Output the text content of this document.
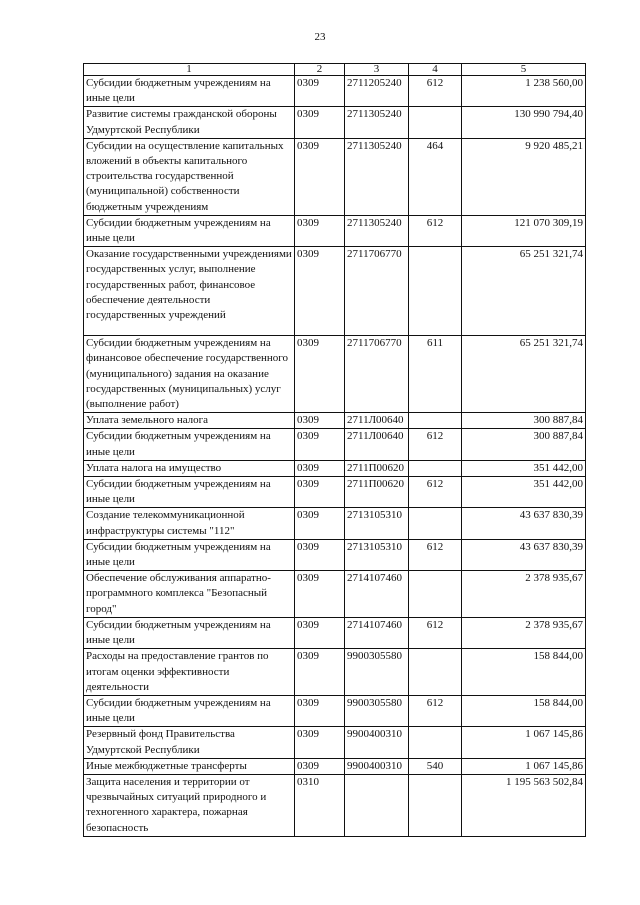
23
1	2	3	4	5
Субсидии бюджетным учреждениям на иные цели	0309	2711205240	612	1 238 560,00
Развитие системы гражданской обороны Удмуртской Республики	0309	2711305240		130 990 794,40
Субсидии на осуществление капитальных вложений в объекты капитального строительства государственной (муниципальной) собственности бюджетным учреждениям	0309	2711305240	464	9 920 485,21
Субсидии бюджетным учреждениям на иные цели	0309	2711305240	612	121 070 309,19
Оказание государственными учреждениями государственных услуг, выполнение государственных работ, финансовое обеспечение деятельности государственных учреждений	0309	2711706770		65 251 321,74
Субсидии бюджетным учреждениям на финансовое обеспечение государственного (муниципального) задания на оказание государственных (муниципальных) услуг (выполнение работ)	0309	2711706770	611	65 251 321,74
Уплата земельного налога	0309	2711Л00640		300 887,84
Субсидии бюджетным учреждениям на иные цели	0309	2711Л00640	612	300 887,84
Уплата налога на имущество	0309	2711П00620		351 442,00
Субсидии бюджетным учреждениям на иные цели	0309	2711П00620	612	351 442,00
Создание телекоммуникационной инфраструктуры системы "112"	0309	2713105310		43 637 830,39
Субсидии бюджетным учреждениям на иные цели	0309	2713105310	612	43 637 830,39
Обеспечение обслуживания аппаратно-программного комплекса "Безопасный город"	0309	2714107460		2 378 935,67
Субсидии бюджетным учреждениям на иные цели	0309	2714107460	612	2 378 935,67
Расходы на предоставление грантов по итогам оценки эффективности деятельности	0309	9900305580		158 844,00
Субсидии бюджетным учреждениям на иные цели	0309	9900305580	612	158 844,00
Резервный фонд Правительства Удмуртской Республики	0309	9900400310		1 067 145,86
Иные межбюджетные трансферты	0309	9900400310	540	1 067 145,86
Защита населения и территории от чрезвычайных ситуаций природного и техногенного характера, пожарная безопасность	0310			1 195 563 502,84
